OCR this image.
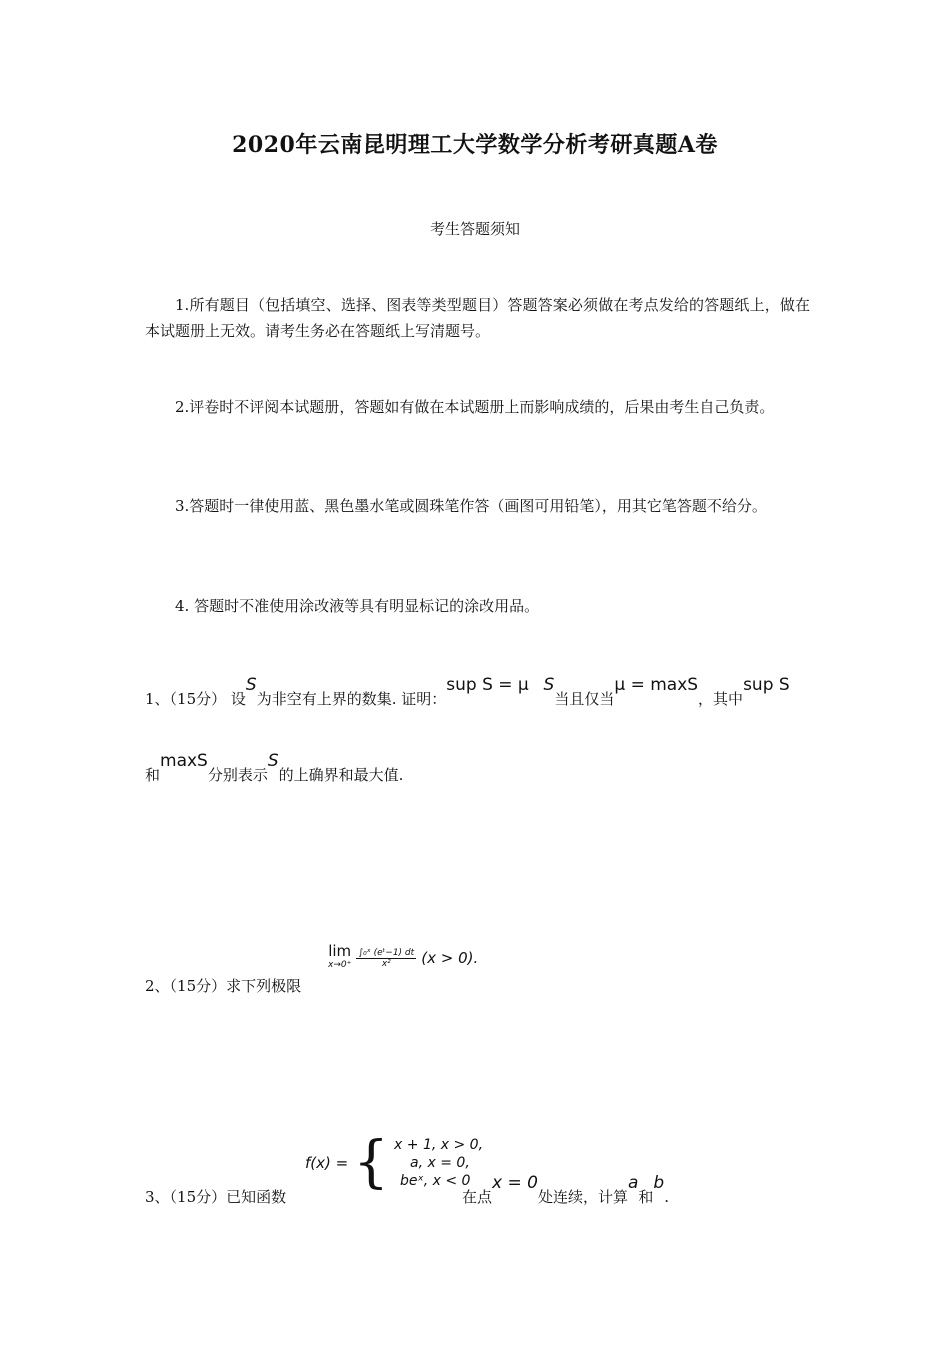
2020年云南昆明理工大学数学分析考研真题A卷
考生答题须知
1.所有题目（包括填空、选择、图表等类型题目）答题答案必须做在考点发给的答题纸上，做在本试题册上无效。请考生务必在答题纸上写清题号。
2.评卷时不评阅本试题册，答题如有做在本试题册上而影响成绩的，后果由考生自己负责。
3.答题时一律使用蓝、黑色墨水笔或圆珠笔作答（画图可用铅笔），用其它笔答题不给分。
4. 答题时不准使用涂改液等具有明显标记的涂改用品。
1、（15分） 设S为非空有上界的数集. 证明：sup S = μ S当且仅当μ = maxS，其中sup S
和maxS分别表示S的上确界和最大值.
2、（15分）求下列极限
lim
x→0⁺
$\frac{\text{∫₀ˣ (eᵗ−1) dt}}{\text{x²}} (x > 0)$.
3、（15分）已知函数
f(x) = { x + 1, x > 0,
a, x = 0,
beˣ, x < 0
在点x = 0处连续，计算a和b.
